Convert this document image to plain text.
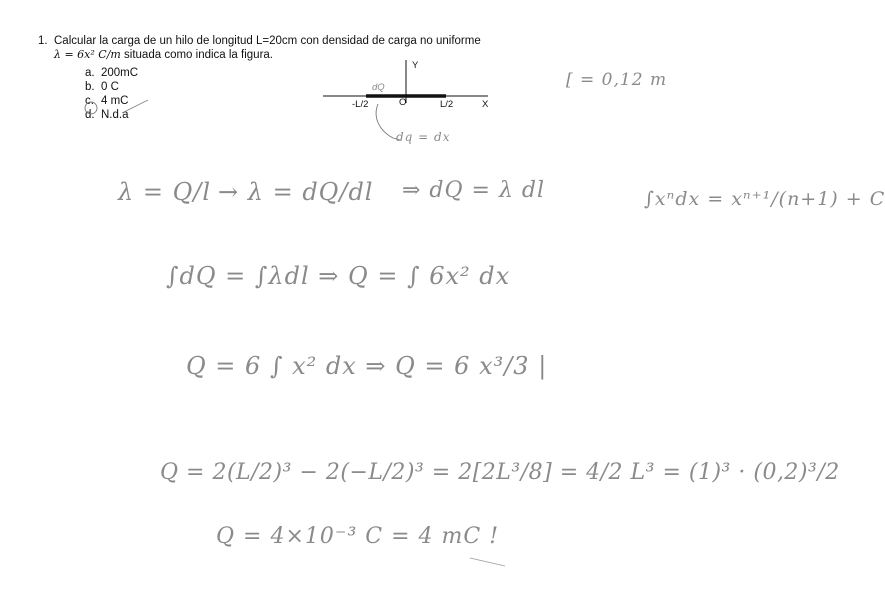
1. Calcular la carga de un hilo de longitud L=20cm con densidad de carga no uniforme
λ = 6x² C/m situada como indica la figura.
a. 200mC
b. 0 C
c. 4 mC
d. N.d.a
Y
X
O
-L/2	L/2
dQ	[ = 0,12 m
dq = dx
λ = Q/l → λ = dQ/dl ⇒ dQ = λ dl	∫xⁿdx = xⁿ⁺¹/(n+1) + C
∫dQ = ∫λdl ⇒ Q = ∫ 6x² dx
Q = 6 ∫ x² dx ⇒ Q = 6 x³/3 |
Q = 2(L/2)³ − 2(−L/2)³ = 2[2L³/8] = 4/2 L³ = (1)³ · (0,2)³/2
Q = 4×10⁻³ C = 4 mC !
